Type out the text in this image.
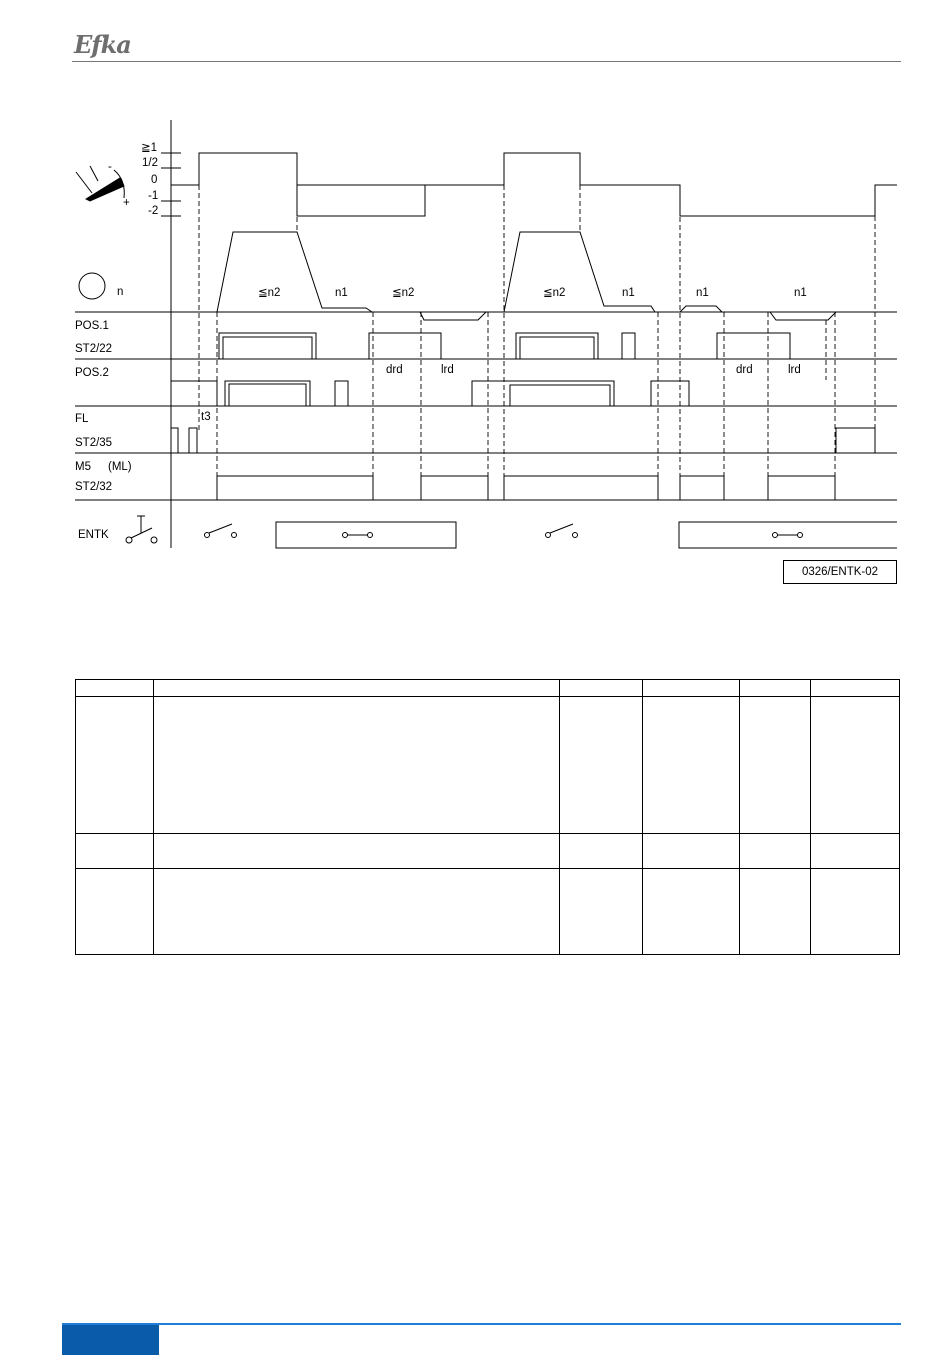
Efka
≧1
1/2
0
-1
-2
-
+
n	≦n2	n1	≦n2	≦n2	n1	n1	n1
POS.1
ST2/22
POS.2
FL
ST2/35
M5 (ML)
ST2/32
ENTK
drd	lrd	drd	lrd
t3
0326/ENTK-02
